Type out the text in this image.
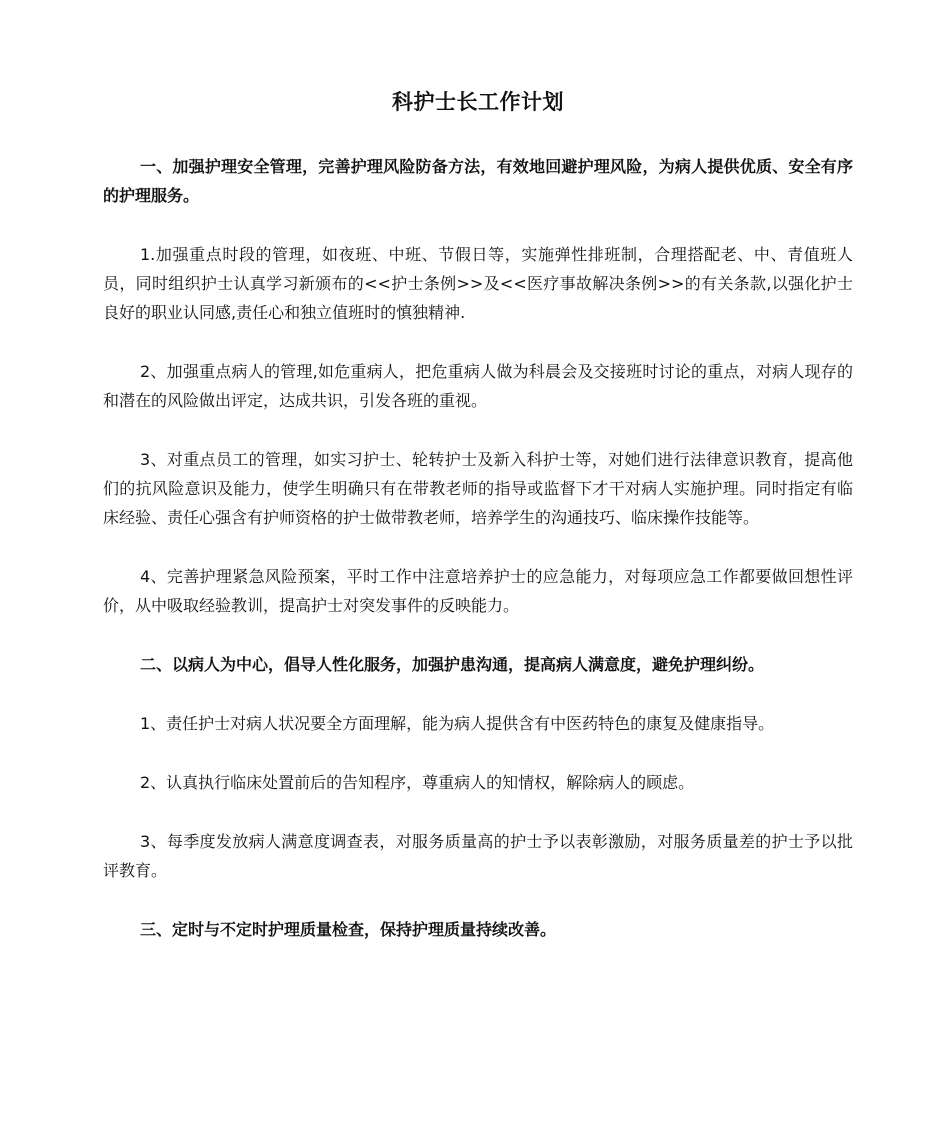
科护士长工作计划

一、加强护理安全管理，完善护理风险防备方法，有效地回避护理风险，为病人提供优质、安全有序的护理服务。

1.加强重点时段的管理，如夜班、中班、节假日等，实施弹性排班制，合理搭配老、中、青值班人员，同时组织护士认真学习新颁布的<<护士条例>>及<<医疗事故解决条例>>的有关条款,以强化护士良好的职业认同感,责任心和独立值班时的慎独精神.

2、加强重点病人的管理,如危重病人，把危重病人做为科晨会及交接班时讨论的重点，对病人现存的和潜在的风险做出评定，达成共识，引发各班的重视。

3、对重点员工的管理，如实习护士、轮转护士及新入科护士等，对她们进行法律意识教育，提高他们的抗风险意识及能力，使学生明确只有在带教老师的指导或监督下才干对病人实施护理。同时指定有临床经验、责任心强含有护师资格的护士做带教老师，培养学生的沟通技巧、临床操作技能等。

4、完善护理紧急风险预案，平时工作中注意培养护士的应急能力，对每项应急工作都要做回想性评价，从中吸取经验教训，提高护士对突发事件的反映能力。

二、以病人为中心，倡导人性化服务，加强护患沟通，提高病人满意度，避免护理纠纷。

1、责任护士对病人状况要全方面理解，能为病人提供含有中医药特色的康复及健康指导。

2、认真执行临床处置前后的告知程序，尊重病人的知情权，解除病人的顾虑。

3、每季度发放病人满意度调查表，对服务质量高的护士予以表彰激励，对服务质量差的护士予以批评教育。

三、定时与不定时护理质量检查，保持护理质量持续改善。
